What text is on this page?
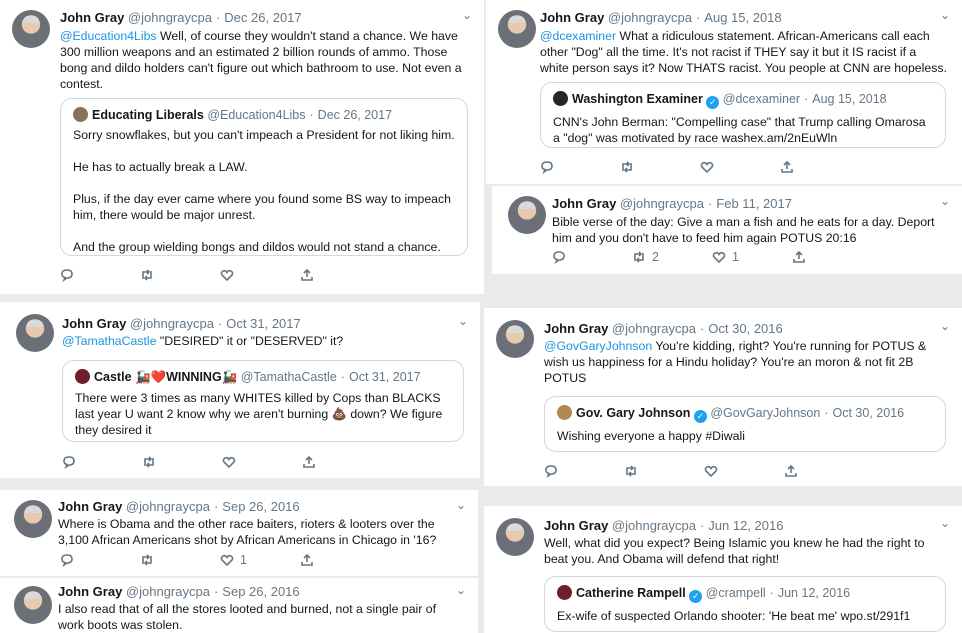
John Gray @johngraycpa · Dec 26, 2017	⌄
@Education4Libs Well, of course they wouldn't stand a chance. We have 300 million weapons and an estimated 2 billion rounds of ammo. Those bong and dildo holders can't figure out which bathroom to use. Not even a contest.
Educating Liberals @Education4Libs · Dec 26, 2017
Sorry snowflakes, but you can't impeach a President for not liking him.

He has to actually break a LAW.

Plus, if the day ever came where you found some BS way to impeach him, there would be major unrest.

And the group wielding bongs and dildos would not stand a chance.
John Gray @johngraycpa · Aug 15, 2018	⌄
@dcexaminer What a ridiculous statement. African-Americans call each other "Dog" all the time. It's not racist if THEY say it but it IS racist if a white person says it? Now THATS racist. You people at CNN are hopeless.
Washington Examiner ✓ @dcexaminer · Aug 15, 2018
CNN's John Berman: "Compelling case" that Trump calling Omarosa a "dog" was motivated by race washex.am/2nEuWln
John Gray @johngraycpa · Feb 11, 2017	⌄
Bible verse of the day: Give a man a fish and he eats for a day. Deport him and you don't have to feed him again POTUS 20:16
2	1
John Gray @johngraycpa · Oct 31, 2017	⌄
@TamathaCastle "DESIRED" it or "DESERVED" it?
Castle 🚂❤️WINNING🚂 @TamathaCastle · Oct 31, 2017
There were 3 times as many WHITES killed by Cops than BLACKS last year U want 2 know why we aren't burning 💩 down? We figure they desired it
John Gray @johngraycpa · Oct 30, 2016	⌄
@GovGaryJohnson You're kidding, right? You're running for POTUS & wish us happiness for a Hindu holiday? You're an moron & not fit 2B POTUS
Gov. Gary Johnson ✓ @GovGaryJohnson · Oct 30, 2016
Wishing everyone a happy #Diwali
John Gray @johngraycpa · Sep 26, 2016	⌄
Where is Obama and the other race baiters, rioters & looters over the 3,100 African Americans shot by African Americans in Chicago in '16?
1
John Gray @johngraycpa · Sep 26, 2016	⌄
I also read that of all the stores looted and burned, not a single pair of work boots was stolen.
John Gray @johngraycpa · Jun 12, 2016	⌄
Well, what did you expect? Being Islamic you knew he had the right to beat you. And Obama will defend that right!
Catherine Rampell ✓ @crampell · Jun 12, 2016
Ex-wife of suspected Orlando shooter: 'He beat me' wpo.st/291f1
